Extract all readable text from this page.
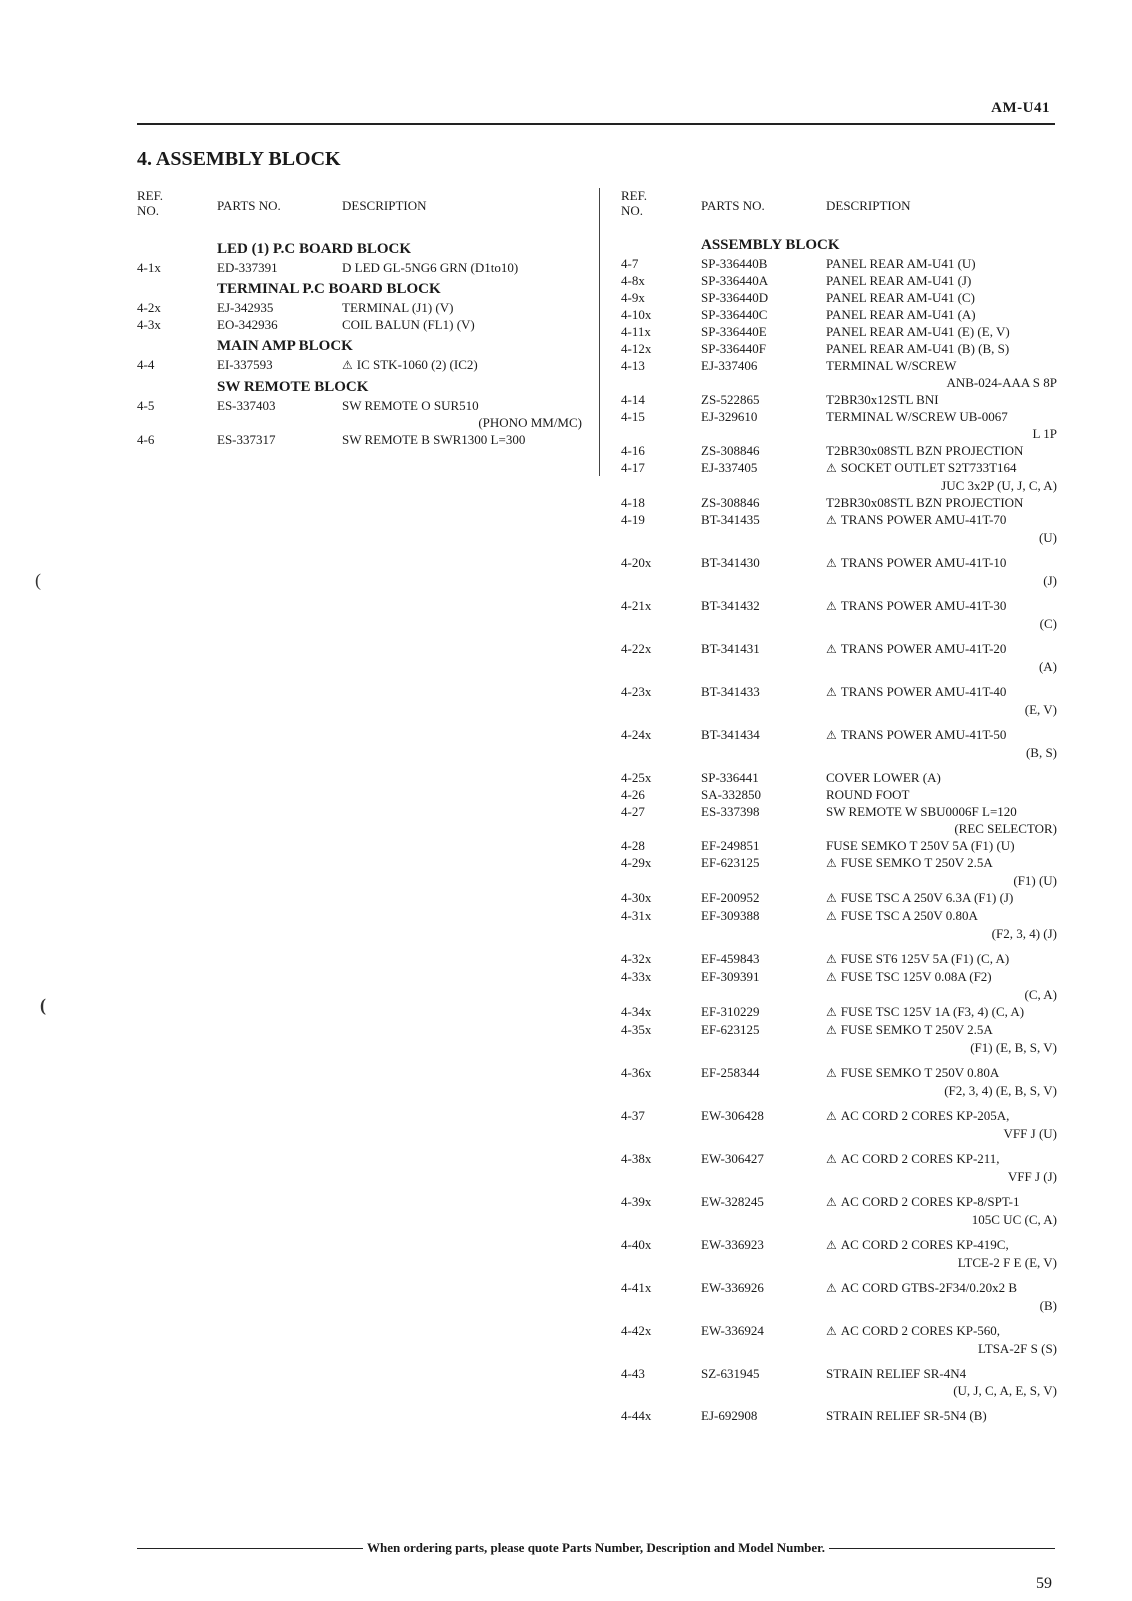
AM-U41
4. ASSEMBLY BLOCK
REF. NO.	PARTS NO.	DESCRIPTION
LED (1) P.C BOARD BLOCK
4-1x	ED-337391	D LED GL-5NG6 GRN (D1to10)
TERMINAL P.C BOARD BLOCK
4-2x	EJ-342935	TERMINAL (J1) (V)
4-3x	EO-342936	COIL BALUN (FL1) (V)
MAIN AMP BLOCK
4-4	EI-337593	⚠ IC STK-1060 (2) (IC2)
SW REMOTE BLOCK
4-5	ES-337403	SW REMOTE O SUR510
(PHONO MM/MC)
4-6	ES-337317	SW REMOTE B SWR1300 L=300
REF. NO.	PARTS NO.	DESCRIPTION
ASSEMBLY BLOCK
4-7	SP-336440B	PANEL REAR AM-U41 (U)
4-8x	SP-336440A	PANEL REAR AM-U41 (J)
4-9x	SP-336440D	PANEL REAR AM-U41 (C)
4-10x	SP-336440C	PANEL REAR AM-U41 (A)
4-11x	SP-336440E	PANEL REAR AM-U41 (E) (E, V)
4-12x	SP-336440F	PANEL REAR AM-U41 (B) (B, S)
4-13	EJ-337406	TERMINAL W/SCREW
ANB-024-AAA S 8P
4-14	ZS-522865	T2BR30x12STL BNI
4-15	EJ-329610	TERMINAL W/SCREW UB-0067
L 1P
4-16	ZS-308846	T2BR30x08STL BZN PROJECTION
4-17	EJ-337405	⚠ SOCKET OUTLET S2T733T164
JUC 3x2P (U, J, C, A)
4-18	ZS-308846	T2BR30x08STL BZN PROJECTION
4-19	BT-341435	⚠ TRANS POWER AMU-41T-70
(U)
4-20x	BT-341430	⚠ TRANS POWER AMU-41T-10
(J)
4-21x	BT-341432	⚠ TRANS POWER AMU-41T-30
(C)
4-22x	BT-341431	⚠ TRANS POWER AMU-41T-20
(A)
4-23x	BT-341433	⚠ TRANS POWER AMU-41T-40
(E, V)
4-24x	BT-341434	⚠ TRANS POWER AMU-41T-50
(B, S)
4-25x	SP-336441	COVER LOWER (A)
4-26	SA-332850	ROUND FOOT
4-27	ES-337398	SW REMOTE W SBU0006F L=120
(REC SELECTOR)
4-28	EF-249851	FUSE SEMKO T 250V 5A (F1) (U)
4-29x	EF-623125	⚠ FUSE SEMKO T 250V 2.5A
(F1) (U)
4-30x	EF-200952	⚠ FUSE TSC A 250V 6.3A (F1) (J)
4-31x	EF-309388	⚠ FUSE TSC A 250V 0.80A
(F2, 3, 4) (J)
4-32x	EF-459843	⚠ FUSE ST6 125V 5A (F1) (C, A)
4-33x	EF-309391	⚠ FUSE TSC 125V 0.08A (F2)
(C, A)
4-34x	EF-310229	⚠ FUSE TSC 125V 1A (F3, 4) (C, A)
4-35x	EF-623125	⚠ FUSE SEMKO T 250V 2.5A
(F1) (E, B, S, V)
4-36x	EF-258344	⚠ FUSE SEMKO T 250V 0.80A
(F2, 3, 4) (E, B, S, V)
4-37	EW-306428	⚠ AC CORD 2 CORES KP-205A,
VFF J (U)
4-38x	EW-306427	⚠ AC CORD 2 CORES KP-211,
VFF J (J)
4-39x	EW-328245	⚠ AC CORD 2 CORES KP-8/SPT-1
105C UC (C, A)
4-40x	EW-336923	⚠ AC CORD 2 CORES KP-419C,
LTCE-2 F E (E, V)
4-41x	EW-336926	⚠ AC CORD GTBS-2F34/0.20x2 B
(B)
4-42x	EW-336924	⚠ AC CORD 2 CORES KP-560,
LTSA-2F S (S)
4-43	SZ-631945	STRAIN RELIEF SR-4N4
(U, J, C, A, E, S, V)
4-44x	EJ-692908	STRAIN RELIEF SR-5N4 (B)
(
(
When ordering parts, please quote Parts Number, Description and Model Number.
59
